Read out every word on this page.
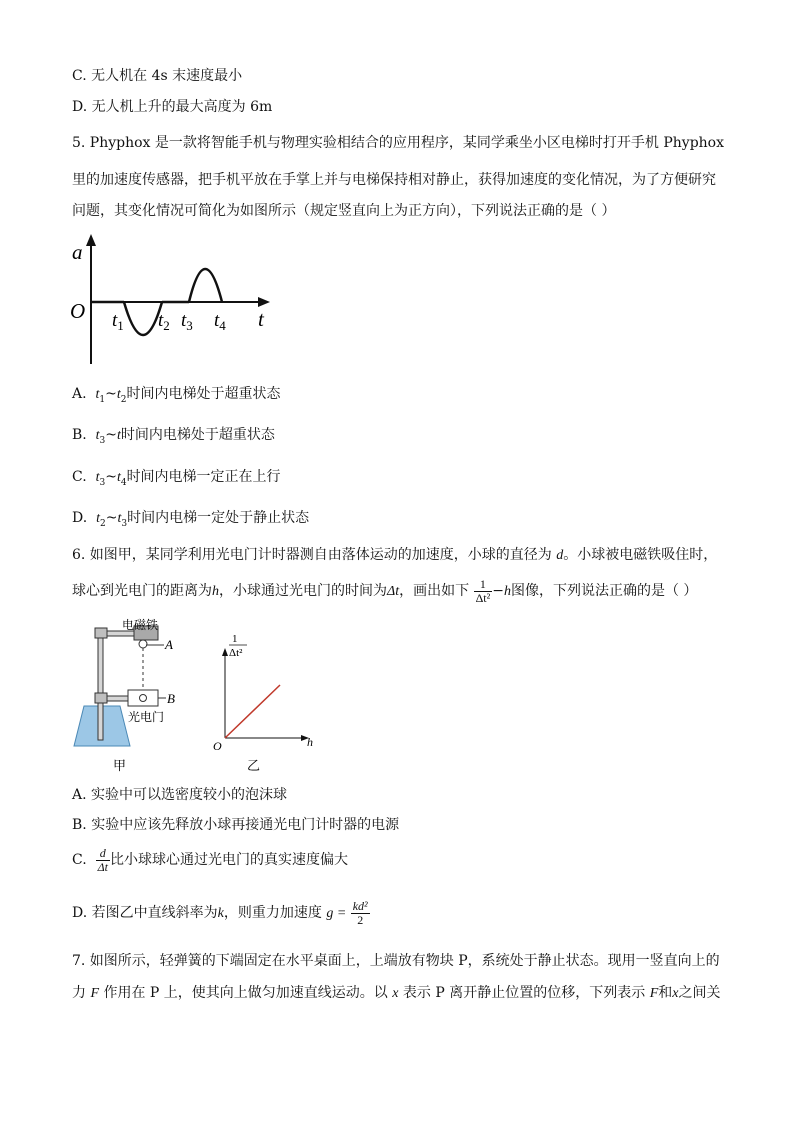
C. 无人机在 4s 末速度最小
D. 无人机上升的最大高度为 6m
5. Phyphox 是一款将智能手机与物理实验相结合的应用程序，某同学乘坐小区电梯时打开手机 Phyphox
里的加速度传感器，把手机平放在手掌上并与电梯保持相对静止，获得加速度的变化情况，为了方便研究
问题，其变化情况可简化为如图所示（规定竖直向上为正方向），下列说法正确的是（ ）
a
O	t
$t_1$ $t_2$ $t_3$ $t_4$
A. $t_1\sim t_2$时间内电梯处于超重状态
B. $t_3\sim t$时间内电梯处于超重状态
C. $t_3\sim t_4$时间内电梯一定正在上行
D. $t_2\sim t_3$时间内电梯一定处于静止状态
6. 如图甲，某同学利用光电门计时器测自由落体运动的加速度，小球的直径为 d。小球被电磁铁吸住时，
球心到光电门的距离为h，小球通过光电门的时间为Δt，画出如下 $\frac{1}{\text{Δt²}} -h$图像，下列说法正确的是（ ）
电磁铁
A
B
光电门
甲
1
Δt²
O	h
乙
A. 实验中可以选密度较小的泡沫球
B. 实验中应该先释放小球再接通光电门计时器的电源
C. $\frac{d}{\Delta t}$ 比小球球心通过光电门的真实速度偏大
D. 若图乙中直线斜率为k，则重力加速度 $g = \frac{\text{kd²}}{2}$
7. 如图所示，轻弹簧的下端固定在水平桌面上，上端放有物块 P，系统处于静止状态。现用一竖直向上的
力 F 作用在 P 上，使其向上做匀加速直线运动。以 x 表示 P 离开静止位置的位移，下列表示 F和x之间关
